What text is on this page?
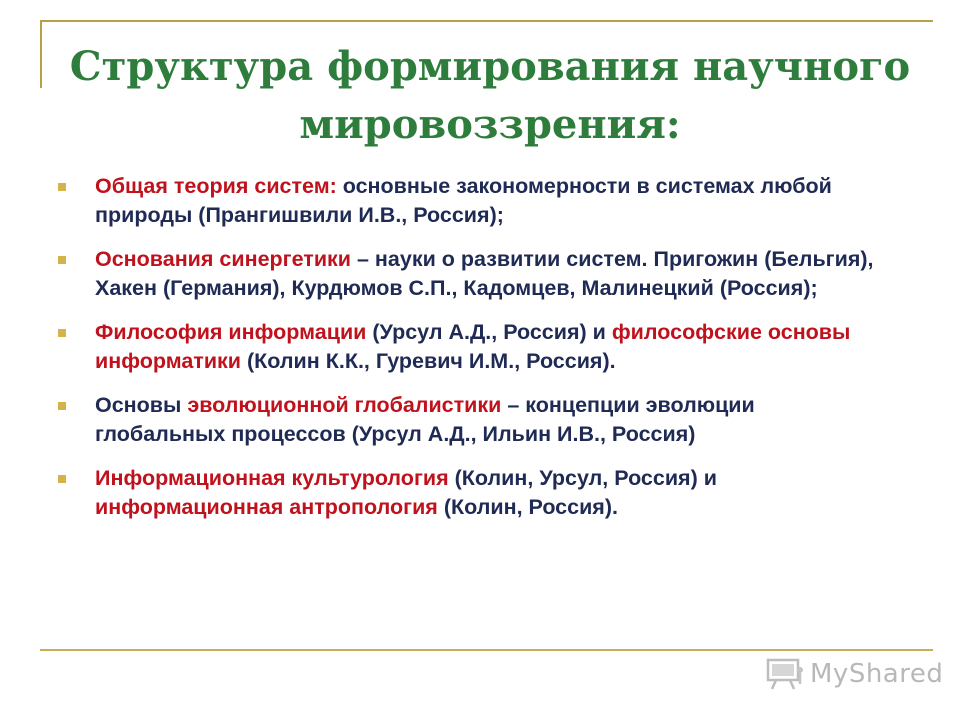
Структура формирования научного мировоззрения:
Общая теория систем: основные закономерности в системах любой природы (Прангишвили И.В., Россия);
Основания синергетики – науки о развитии систем. Пригожин (Бельгия), Хакен (Германия), Курдюмов С.П., Кадомцев, Малинецкий (Россия);
Философия информации (Урсул А.Д., Россия) и философские основы информатики (Колин К.К., Гуревич И.М., Россия).
Основы эволюционной глобалистики – концепции эволюции глобальных процессов (Урсул А.Д., Ильин И.В., Россия)
Информационная культурология (Колин, Урсул, Россия) и информационная антропология (Колин, Россия).
MyShared
